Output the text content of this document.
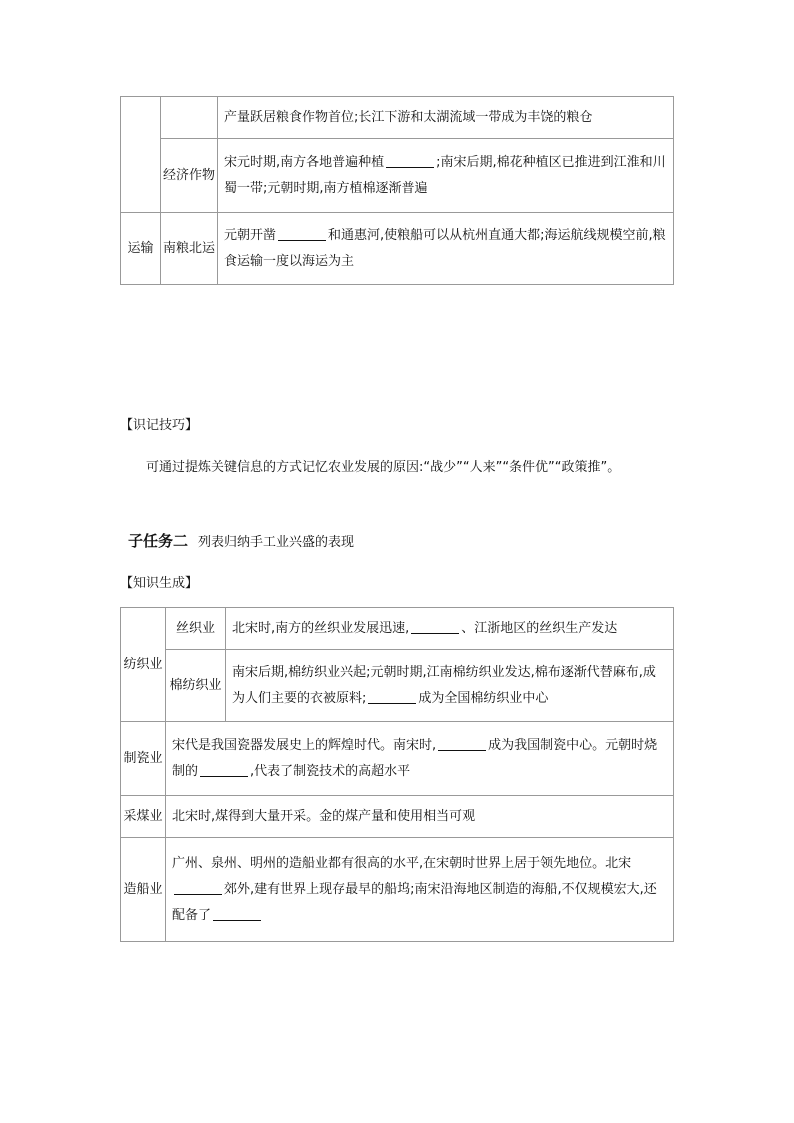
		产量跃居粮食作物首位;长江下游和太湖流域一带成为丰饶的粮仓
	经济作物	宋元时期,南方各地普遍种植 ;南宋后期,棉花种植区已推进到江淮和川蜀一带;元朝时期,南方植棉逐渐普遍
运输	南粮北运	元朝开凿 和通惠河,使粮船可以从杭州直通大都;海运航线规模空前,粮食运输一度以海运为主
【识记技巧】
可通过提炼关键信息的方式记忆农业发展的原因:“战少”“人来”“条件优”“政策推”。
子任务二 列表归纳手工业兴盛的表现
【知识生成】
纺织业	丝织业	北宋时,南方的丝织业发展迅速, 、江浙地区的丝织生产发达
	棉纺织业	南宋后期,棉纺织业兴起;元朝时期,江南棉纺织业发达,棉布逐渐代替麻布,成为人们主要的衣被原料; 成为全国棉纺织业中心
制瓷业	宋代是我国瓷器发展史上的辉煌时代。南宋时, 成为我国制瓷中心。元朝时烧制的 ,代表了制瓷技术的高超水平	
采煤业	北宋时,煤得到大量开采。金的煤产量和使用相当可观	
造船业	广州、泉州、明州的造船业都有很高的水平,在宋朝时世界上居于领先地位。北宋郊外,建有世界上现存最早的船坞;南宋沿海地区制造的海船,不仅规模宏大,还配备了	
